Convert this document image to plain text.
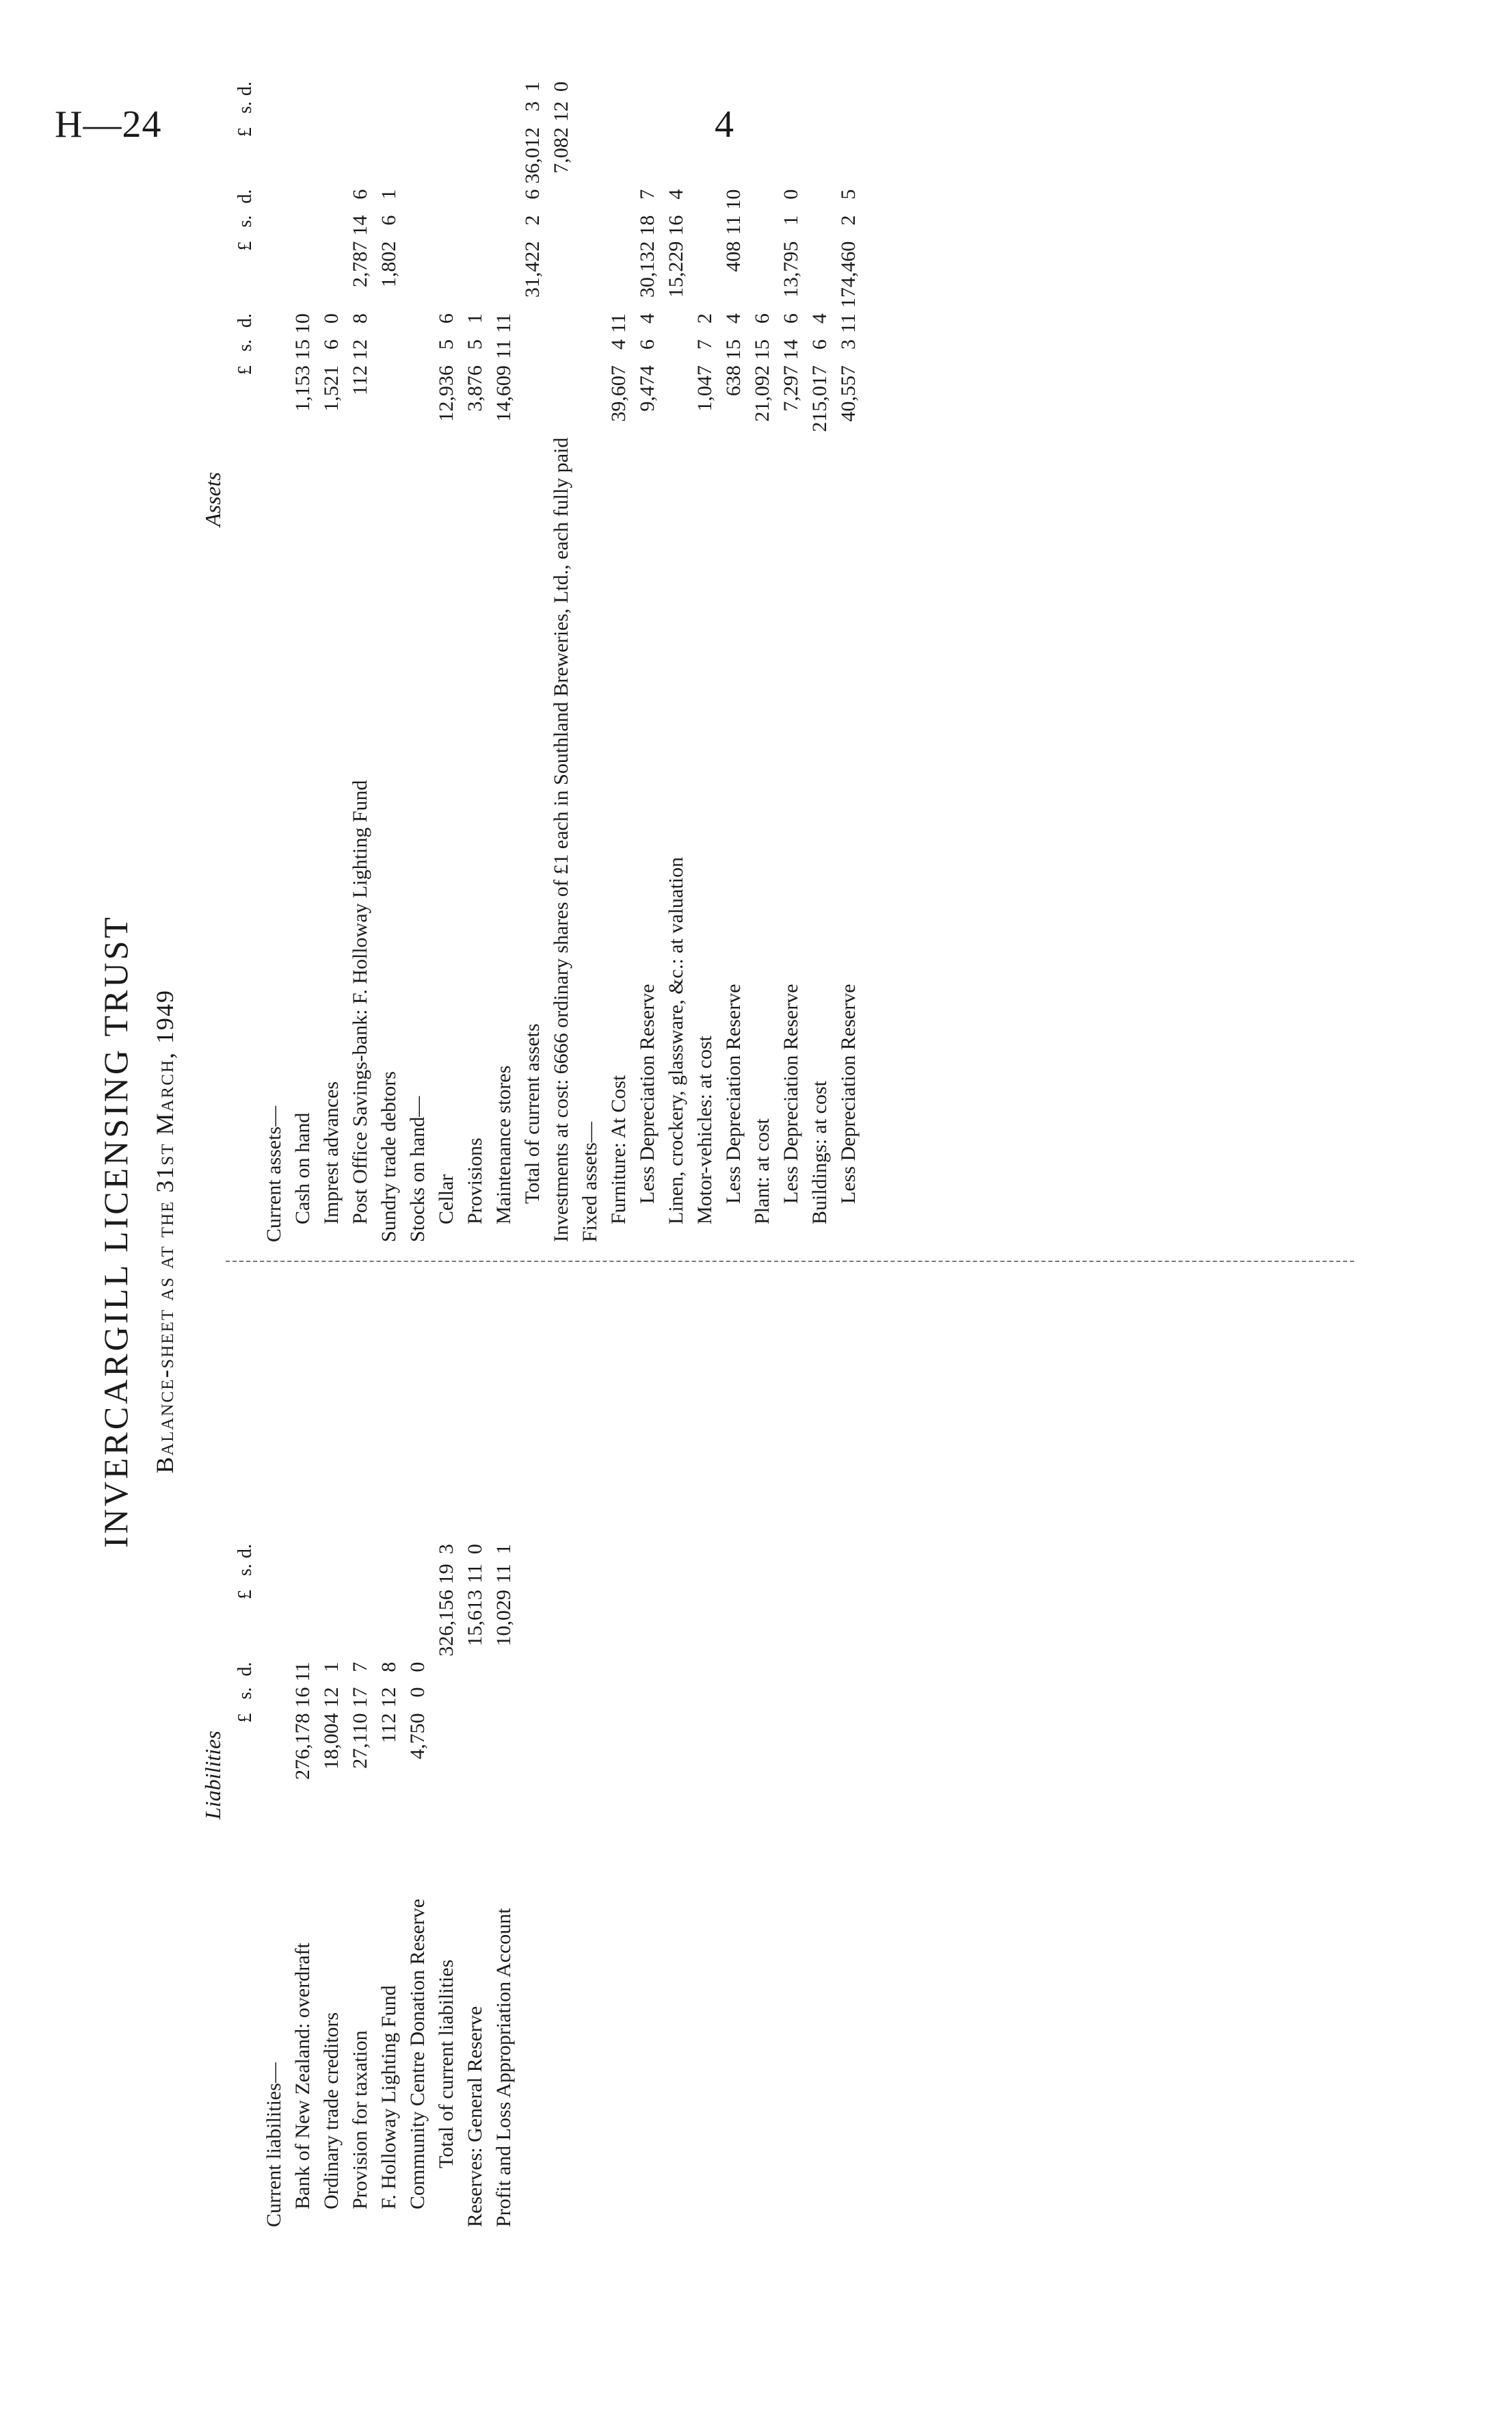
H—24	4
INVERCARGILL LICENSING TRUST Balance-sheet as at the 31st March, 1949
Liabilities
	£	s.	d.	£	s.	d.
Current liabilities—						
Bank of New Zealand: overdraft	276,178	16	11			
Ordinary trade creditors	18,004	12	1			
Provision for taxation	27,110	17	7			
F. Holloway Lighting Fund	112	12	8			
Community Centre Donation Reserve	4,750	0	0			
Total of current liabilities				326,156	19	3
Reserves: General Reserve				15,613	11	0
Profit and Loss Appropriation Account				10,029	11	1
Assets
	£	s.	d.	£	s.	d.	£	s.	d.
Current assets—									
Cash on hand	1,153	15	10						
Imprest advances	1,521	6	0						
Post Office Savings-bank: F. Holloway Lighting Fund	112	12	8	2,787	14	6			
Sundry trade debtors				1,802	6	1			
Stocks on hand—									
Cellar	12,936	5	6						
Provisions	3,876	5	1						
Maintenance stores	14,609	11	11						
Total of current assets				31,422	2	6	36,012	3	1
Investments at cost: 6666 ordinary shares of £1 each in Southland Breweries, Ltd., each fully paid							7,082	12	0
Fixed assets—									
Furniture: At Cost	39,607	4	11						
Less Depreciation Reserve	9,474	6	4	30,132	18	7			
Linen, crockery, glassware, &c.: at valuation				15,229	16	4			
Motor-vehicles: at cost	1,047	7	2						
Less Depreciation Reserve	638	15	4	408	11	10			
Plant: at cost	21,092	15	6						
Less Depreciation Reserve	7,297	14	6	13,795	1	0			
Buildings: at cost	215,017	6	4						
Less Depreciation Reserve	40,557	3	11	174,460	2	5			
